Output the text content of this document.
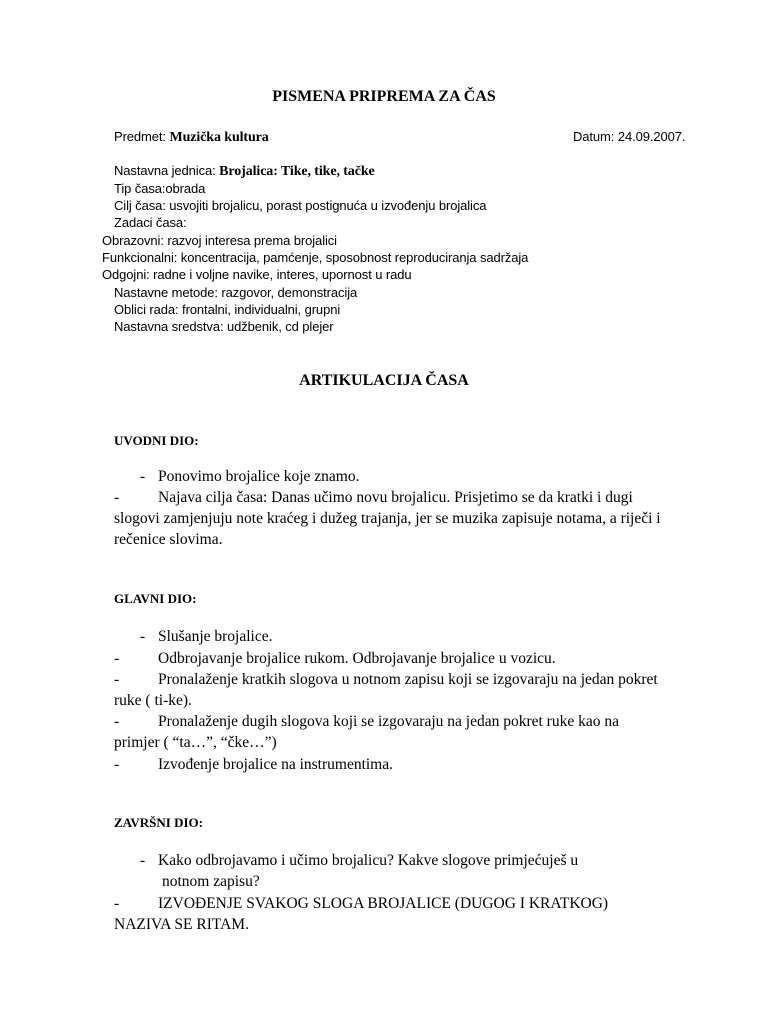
PISMENA PRIPREMA ZA ČAS
Predmet: Muzička kultura	Datum: 24.09.2007.
Nastavna jednica: Brojalica: Tike, tike, tačke
Tip časa:obrada
Cilj časa: usvojiti brojalicu, porast postignuća u izvođenju brojalica
Zadaci časa:
Obrazovni: razvoj interesa prema brojalici
Funkcionalni: koncentracija, pamćenje, sposobnost reproduciranja sadržaja
Odgojni: radne i voljne navike, interes, upornost u radu
Nastavne metode: razgovor, demonstracija
Oblici rada: frontalni, individualni, grupni
Nastavna sredstva: udžbenik, cd plejer
ARTIKULACIJA ČASA
UVODNI DIO:
- Ponovimo brojalice koje znamo.
-	Najava cilja časa: Danas učimo novu brojalicu. Prisjetimo se da kratki i dugi
slogovi zamjenjuju note kraćeg i dužeg trajanja, jer se muzika zapisuje notama, a riječi i
rečenice slovima.
GLAVNI DIO:
- Slušanje brojalice.
-	Odbrojavanje brojalice rukom. Odbrojavanje brojalice u vozicu.
-	Pronalaženje kratkih slogova u notnom zapisu koji se izgovaraju na jedan pokret
ruke ( ti-ke).
-	Pronalaženje dugih slogova koji se izgovaraju na jedan pokret ruke kao na
primjer ( “ta…”, “čke…”)
-	Izvođenje brojalice na instrumentima.
ZAVRŠNI DIO:
- Kako odbrojavamo i učimo brojalicu? Kakve slogove primjećuješ u
notnom zapisu?
-	IZVOĐENJE SVAKOG SLOGA BROJALICE (DUGOG I KRATKOG)
NAZIVA SE RITAM.
